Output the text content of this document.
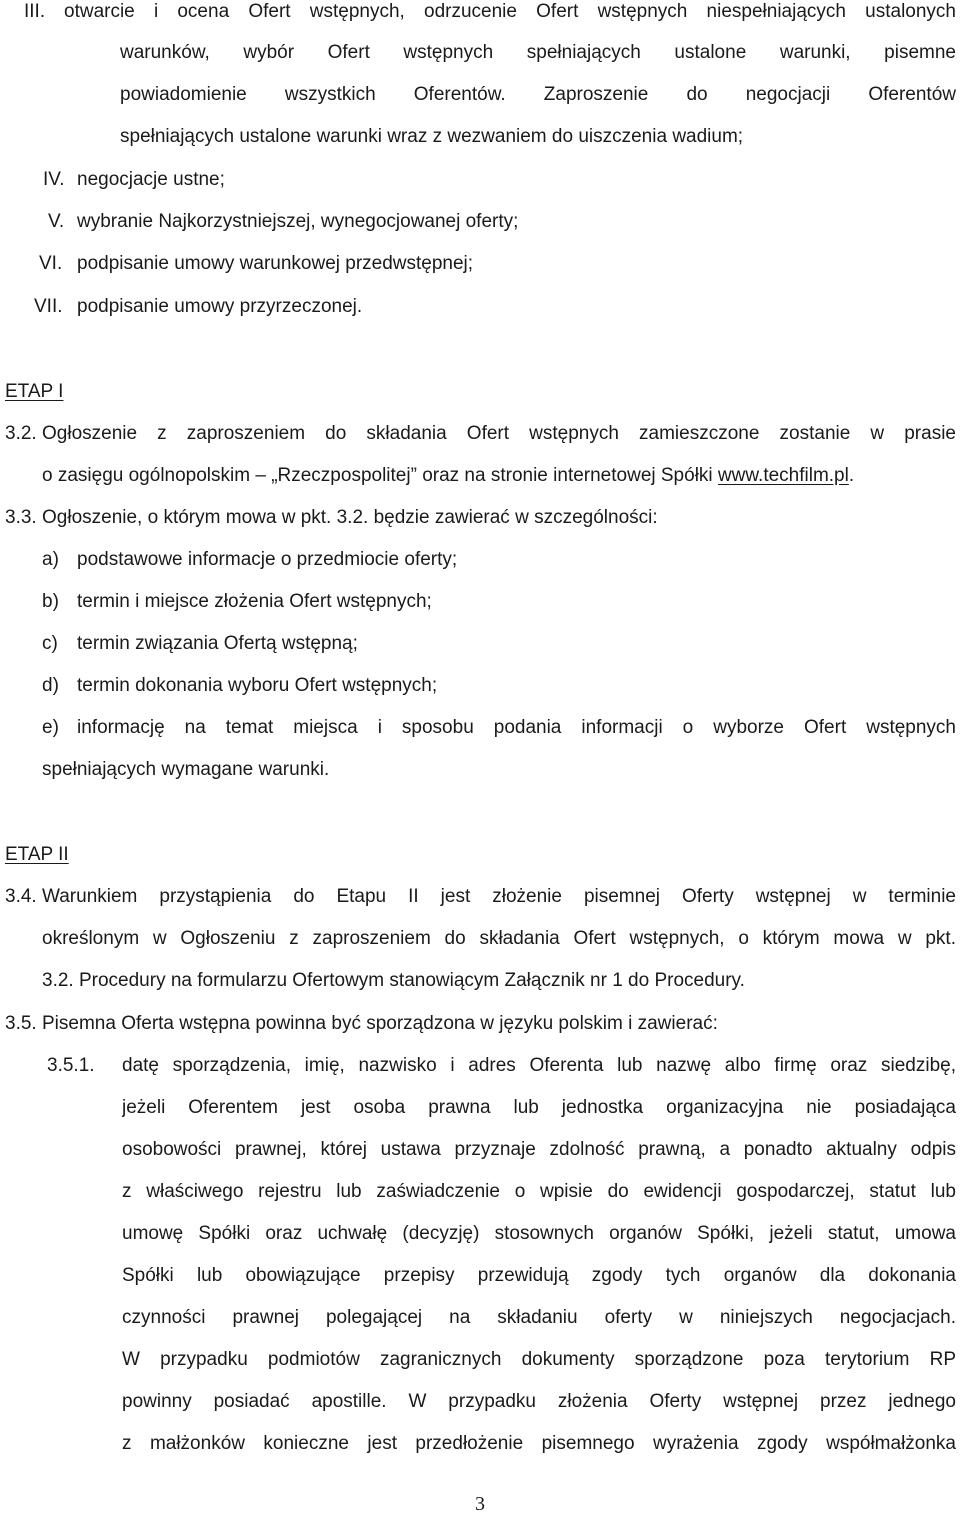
III. otwarcie i ocena Ofert wstępnych, odrzucenie Ofert wstępnych niespełniających ustalonych
warunków, wybór Ofert wstępnych spełniających ustalone warunki, pisemne
powiadomienie wszystkich Oferentów. Zaproszenie do negocjacji Oferentów
spełniających ustalone warunki wraz z wezwaniem do uiszczenia wadium;
IV. negocjacje ustne;
V. wybranie Najkorzystniejszej, wynegocjowanej oferty;
VI. podpisanie umowy warunkowej przedwstępnej;
VII. podpisanie umowy przyrzeczonej.
ETAP I
3.2. Ogłoszenie z zaproszeniem do składania Ofert wstępnych zamieszczone zostanie w prasie
o zasięgu ogólnopolskim – „Rzeczpospolitej” oraz na stronie internetowej Spółki www.techfilm.pl.
3.3. Ogłoszenie, o którym mowa w pkt. 3.2. będzie zawierać w szczególności:
a) podstawowe informacje o przedmiocie oferty;
b) termin i miejsce złożenia Ofert wstępnych;
c) termin związania Ofertą wstępną;
d) termin dokonania wyboru Ofert wstępnych;
e) informację na temat miejsca i sposobu podania informacji o wyborze Ofert wstępnych
spełniających wymagane warunki.
ETAP II
3.4. Warunkiem przystąpienia do Etapu II jest złożenie pisemnej Oferty wstępnej w terminie
określonym w Ogłoszeniu z zaproszeniem do składania Ofert wstępnych, o którym mowa w pkt.
3.2. Procedury na formularzu Ofertowym stanowiącym Załącznik nr 1 do Procedury.
3.5. Pisemna Oferta wstępna powinna być sporządzona w języku polskim i zawierać:
3.5.1. datę sporządzenia, imię, nazwisko i adres Oferenta lub nazwę albo firmę oraz siedzibę,
jeżeli Oferentem jest osoba prawna lub jednostka organizacyjna nie posiadająca
osobowości prawnej, której ustawa przyznaje zdolność prawną, a ponadto aktualny odpis
z właściwego rejestru lub zaświadczenie o wpisie do ewidencji gospodarczej, statut lub
umowę Spółki oraz uchwałę (decyzję) stosownych organów Spółki, jeżeli statut, umowa
Spółki lub obowiązujące przepisy przewidują zgody tych organów dla dokonania
czynności prawnej polegającej na składaniu oferty w niniejszych negocjacjach.
W przypadku podmiotów zagranicznych dokumenty sporządzone poza terytorium RP
powinny posiadać apostille. W przypadku złożenia Oferty wstępnej przez jednego
z małżonków konieczne jest przedłożenie pisemnego wyrażenia zgody współmałżonka
3
